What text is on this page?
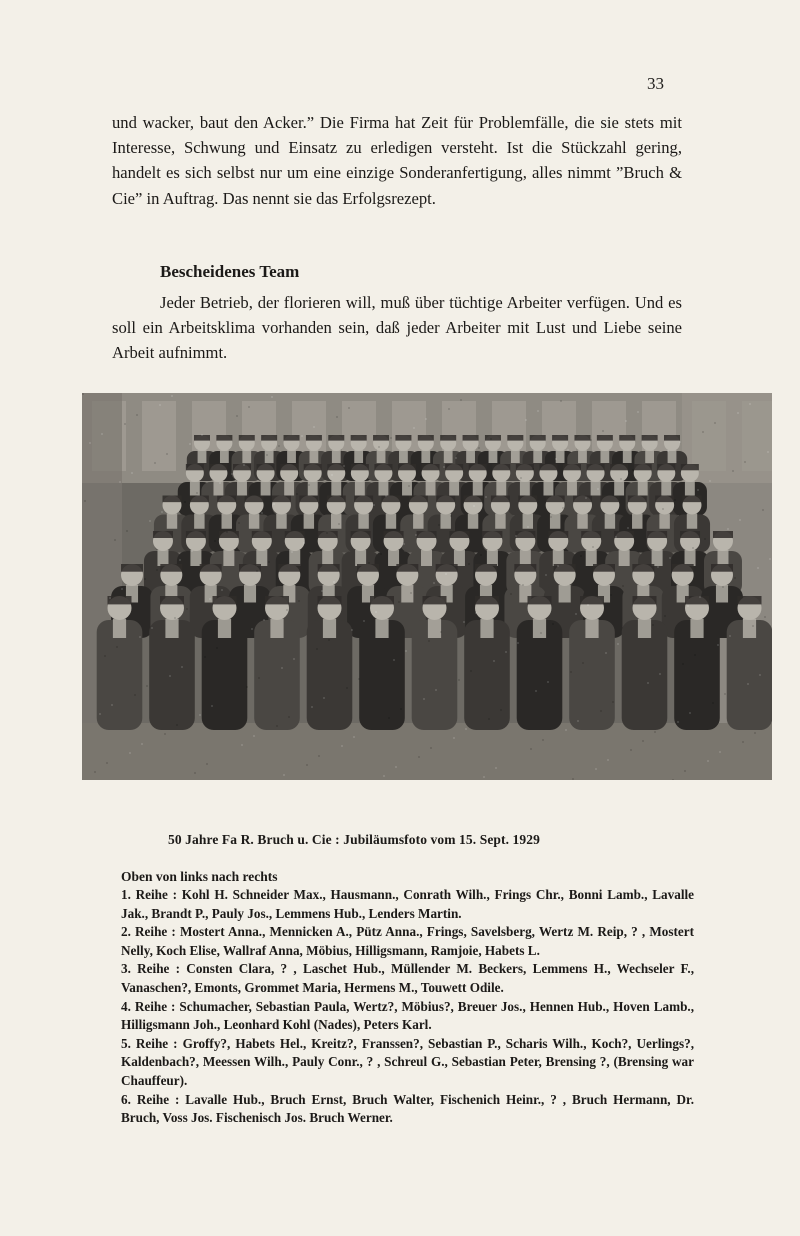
33

und wacker, baut den Acker.” Die Firma hat Zeit für Problemfälle, die sie stets mit Interesse, Schwung und Einsatz zu erledigen versteht. Ist die Stückzahl gering, handelt es sich selbst nur um eine einzige Sonderanfertigung, alles nimmt ”Bruch & Cie” in Auftrag. Das nennt sie das Erfolgsrezept.

Bescheidenes Team

Jeder Betrieb, der florieren will, muß über tüchtige Arbeiter verfügen. Und es soll ein Arbeitsklima vorhanden sein, daß jeder Arbeiter mit Lust und Liebe seine Arbeit aufnimmt.

50 Jahre Fa R. Bruch u. Cie : Jubiläumsfoto vom 15. Sept. 1929
Oben von links nach rechts
1. Reihe : Kohl H. Schneider Max., Hausmann., Conrath Wilh., Frings Chr., Bonni Lamb., Lavalle Jak., Brandt P., Pauly Jos., Lemmens Hub., Lenders Martin.
2. Reihe : Mostert Anna., Mennicken A., Pütz Anna., Frings, Savelsberg, Wertz M. Reip, ? , Mostert Nelly, Koch Elise, Wallraf Anna, Möbius, Hilligsmann, Ramjoie, Habets L.
3. Reihe : Consten Clara, ? , Laschet Hub., Müllender M. Beckers, Lemmens H., Wechseler F., Vanaschen?, Emonts, Grommet Maria, Hermens M., Touwett Odile.
4. Reihe : Schumacher, Sebastian Paula, Wertz?, Möbius?, Breuer Jos., Hennen Hub., Hoven Lamb., Hilligsmann Joh., Leonhard Kohl (Nades), Peters Karl.
5. Reihe : Groffy?, Habets Hel., Kreitz?, Franssen?, Sebastian P., Scharis Wilh., Koch?, Uerlings?, Kaldenbach?, Meessen Wilh., Pauly Conr., ? , Schreul G., Sebastian Peter, Brensing ?, (Brensing war Chauffeur).
6. Reihe : Lavalle Hub., Bruch Ernst, Bruch Walter, Fischenich Heinr., ? , Bruch Hermann, Dr. Bruch, Voss Jos. Fischenisch Jos. Bruch Werner.
